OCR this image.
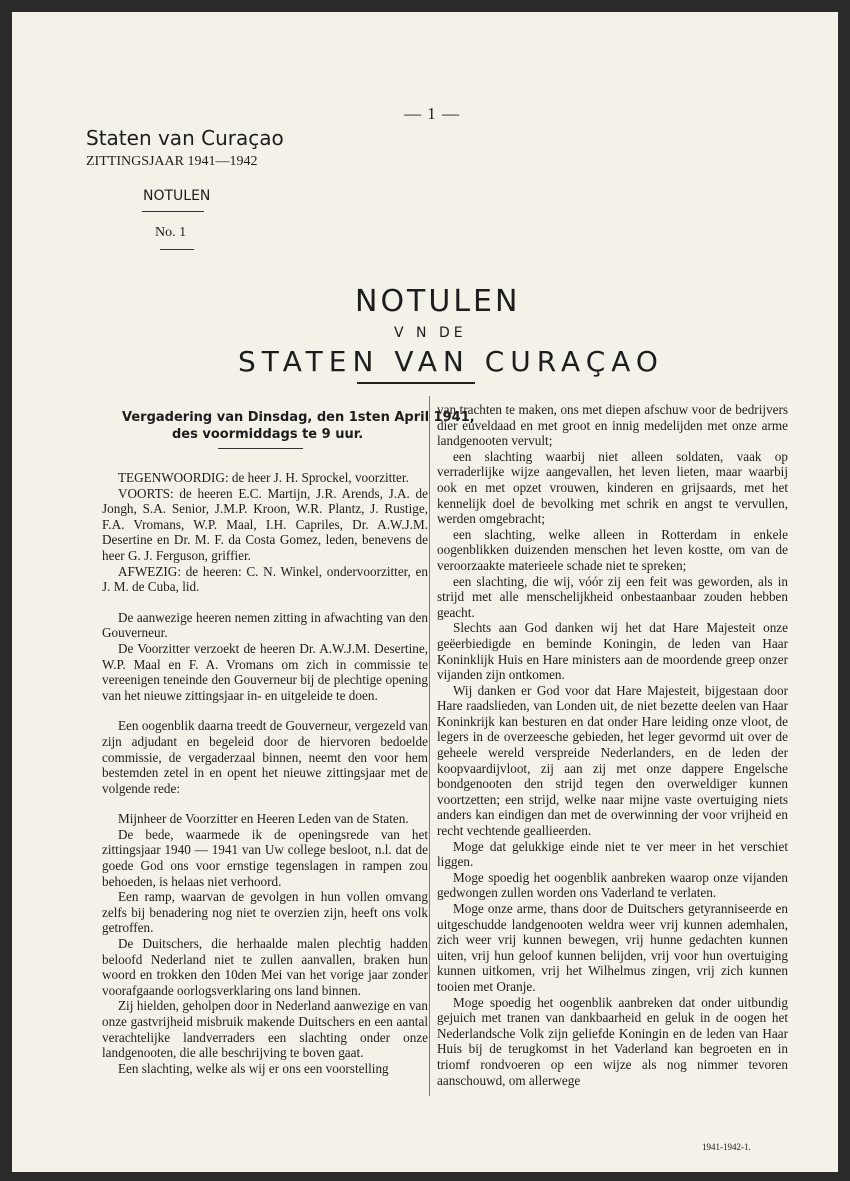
— 1 —
Staten van Curaçao
ZITTINGSJAAR 1941—1942
NOTULEN
No. 1
NOTULEN
V N DE
STATEN VAN CURAÇAO
Vergadering van Dinsdag, den 1sten April 1941,
des voormiddags te 9 uur.

TEGENWOORDIG: de heer J. H. Sprockel, voorzitter.

VOORTS: de heeren E.C. Martijn, J.R. Arends, J.A. de Jongh, S.A. Senior, J.M.P. Kroon, W.R. Plantz, J. Rustige, F.A. Vromans, W.P. Maal, I.H. Capriles, Dr. A.W.J.M. Desertine en Dr. M. F. da Costa Gomez, leden, benevens de heer G. J. Ferguson, griffier.

AFWEZIG: de heeren: C. N. Winkel, ondervoorzitter, en J. M. de Cuba, lid.

De aanwezige heeren nemen zitting in afwachting van den Gouverneur.

De Voorzitter verzoekt de heeren Dr. A.W.J.M. Desertine, W.P. Maal en F. A. Vromans om zich in commissie te vereenigen teneinde den Gouverneur bij de plechtige opening van het nieuwe zittingsjaar in- en uitgeleide te doen.

Een oogenblik daarna treedt de Gouverneur, vergezeld van zijn adjudant en begeleid door de hiervoren bedoelde commissie, de vergaderzaal binnen, neemt den voor hem bestemden zetel in en opent het nieuwe zittingsjaar met de volgende rede:

Mijnheer de Voorzitter en Heeren Leden van de Staten.

De bede, waarmede ik de openingsrede van het zittingsjaar 1940 — 1941 van Uw college besloot, n.l. dat de goede God ons voor ernstige tegenslagen in rampen zou behoeden, is helaas niet verhoord.

Een ramp, waarvan de gevolgen in hun vollen omvang zelfs bij benadering nog niet te overzien zijn, heeft ons volk getroffen.

De Duitschers, die herhaalde malen plechtig hadden beloofd Nederland niet te zullen aanvallen, braken hun woord en trokken den 10den Mei van het vorige jaar zonder voorafgaande oorlogsverklaring ons land binnen.

Zij hielden, geholpen door in Nederland aanwezige en van onze gastvrijheid misbruik makende Duitschers en een aantal verachtelijke landverraders een slachting onder onze landgenooten, die alle beschrijving te boven gaat.

Een slachting, welke als wij er ons een voorstelling

van trachten te maken, ons met diepen afschuw voor de bedrijvers dier euveldaad en met groot en innig medelijden met onze arme landgenooten vervult;

een slachting waarbij niet alleen soldaten, vaak op verraderlijke wijze aangevallen, het leven lieten, maar waarbij ook en met opzet vrouwen, kinderen en grijsaards, met het kennelijk doel de bevolking met schrik en angst te vervullen, werden omgebracht;

een slachting, welke alleen in Rotterdam in enkele oogenblikken duizenden menschen het leven kostte, om van de veroorzaakte materieele schade niet te spreken;

een slachting, die wij, vóór zij een feit was geworden, als in strijd met alle menschelijkheid onbestaanbaar zouden hebben geacht.

Slechts aan God danken wij het dat Hare Majesteit onze geëerbiedigde en beminde Koningin, de leden van Haar Koninklijk Huis en Hare ministers aan de moordende greep onzer vijanden zijn ontkomen.

Wij danken er God voor dat Hare Majesteit, bijgestaan door Hare raadslieden, van Londen uit, de niet bezette deelen van Haar Koninkrijk kan besturen en dat onder Hare leiding onze vloot, de legers in de overzeesche gebieden, het leger gevormd uit over de geheele wereld verspreide Nederlanders, en de leden der koopvaardijvloot, zij aan zij met onze dappere Engelsche bondgenooten den strijd tegen den overweldiger kunnen voortzetten; een strijd, welke naar mijne vaste overtuiging niets anders kan eindigen dan met de overwinning der voor vrijheid en recht vechtende geallieerden.

Moge dat gelukkige einde niet te ver meer in het verschiet liggen.

Moge spoedig het oogenblik aanbreken waarop onze vijanden gedwongen zullen worden ons Vaderland te verlaten.

Moge onze arme, thans door de Duitschers getyranniseerde en uitgeschudde landgenooten weldra weer vrij kunnen ademhalen, zich weer vrij kunnen bewegen, vrij hunne gedachten kunnen uiten, vrij hun geloof kunnen belijden, vrij voor hun overtuiging kunnen uitkomen, vrij het Wilhelmus zingen, vrij zich kunnen tooien met Oranje.

Moge spoedig het oogenblik aanbreken dat onder uitbundig gejuich met tranen van dankbaarheid en geluk in de oogen het Nederlandsche Volk zijn geliefde Koningin en de leden van Haar Huis bij de terugkomst in het Vaderland kan begroeten en in triomf rondvoeren op een wijze als nog nimmer tevoren aanschouwd, om allerwege

1941-1942-1.
